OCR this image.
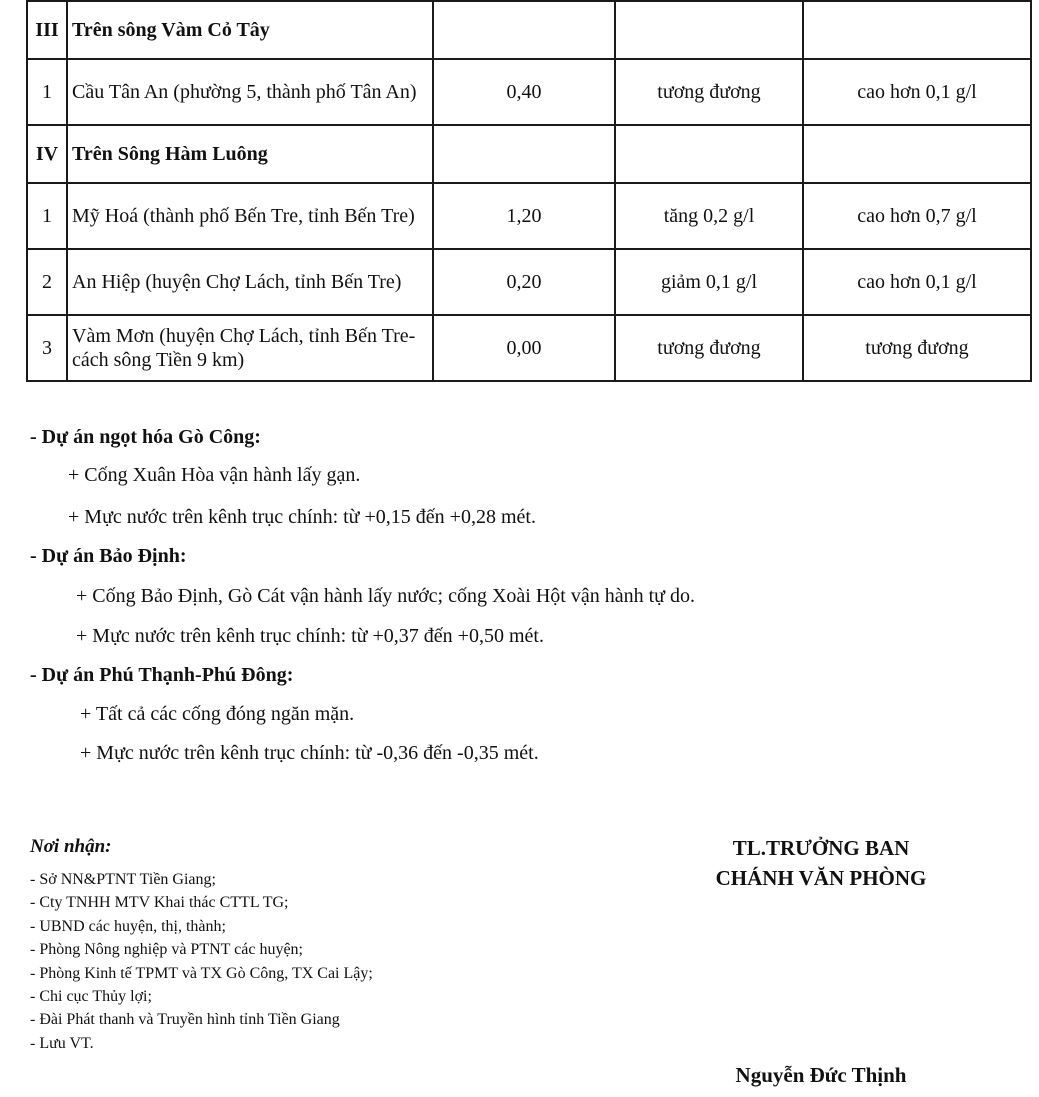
III	Trên sông Vàm Cỏ Tây			
1	Cầu Tân An (phường 5, thành phố Tân An)	0,40	tương đương	cao hơn 0,1 g/l
IV	Trên Sông Hàm Luông			
1	Mỹ Hoá (thành phố Bến Tre, tỉnh Bến Tre)	1,20	tăng 0,2 g/l	cao hơn 0,7 g/l
2	An Hiệp (huyện Chợ Lách, tỉnh Bến Tre)	0,20	giảm 0,1 g/l	cao hơn 0,1 g/l
3	Vàm Mơn (huyện Chợ Lách, tỉnh Bến Tre- cách sông Tiền 9 km)	0,00	tương đương	tương đương
- Dự án ngọt hóa Gò Công:
+ Cống Xuân Hòa vận hành lấy gạn.
+ Mực nước trên kênh trục chính: từ +0,15 đến +0,28 mét.
- Dự án Bảo Định:
+ Cống Bảo Định, Gò Cát vận hành lấy nước; cống Xoài Hột vận hành tự do.
+ Mực nước trên kênh trục chính: từ +0,37 đến +0,50 mét.
- Dự án Phú Thạnh-Phú Đông:
+ Tất cả các cống đóng ngăn mặn.
+ Mực nước trên kênh trục chính: từ -0,36 đến -0,35 mét.
Nơi nhận:
- Sở NN&PTNT Tiền Giang;
- Cty TNHH MTV Khai thác CTTL TG;
- UBND các huyện, thị, thành;
- Phòng Nông nghiệp và PTNT các huyện;
- Phòng Kinh tế TPMT và TX Gò Công, TX Cai Lậy;
- Chi cục Thủy lợi;
- Đài Phát thanh và Truyền hình tỉnh Tiền Giang
- Lưu VT.
TL.TRƯỞNG BAN
CHÁNH VĂN PHÒNG
Nguyễn Đức Thịnh
